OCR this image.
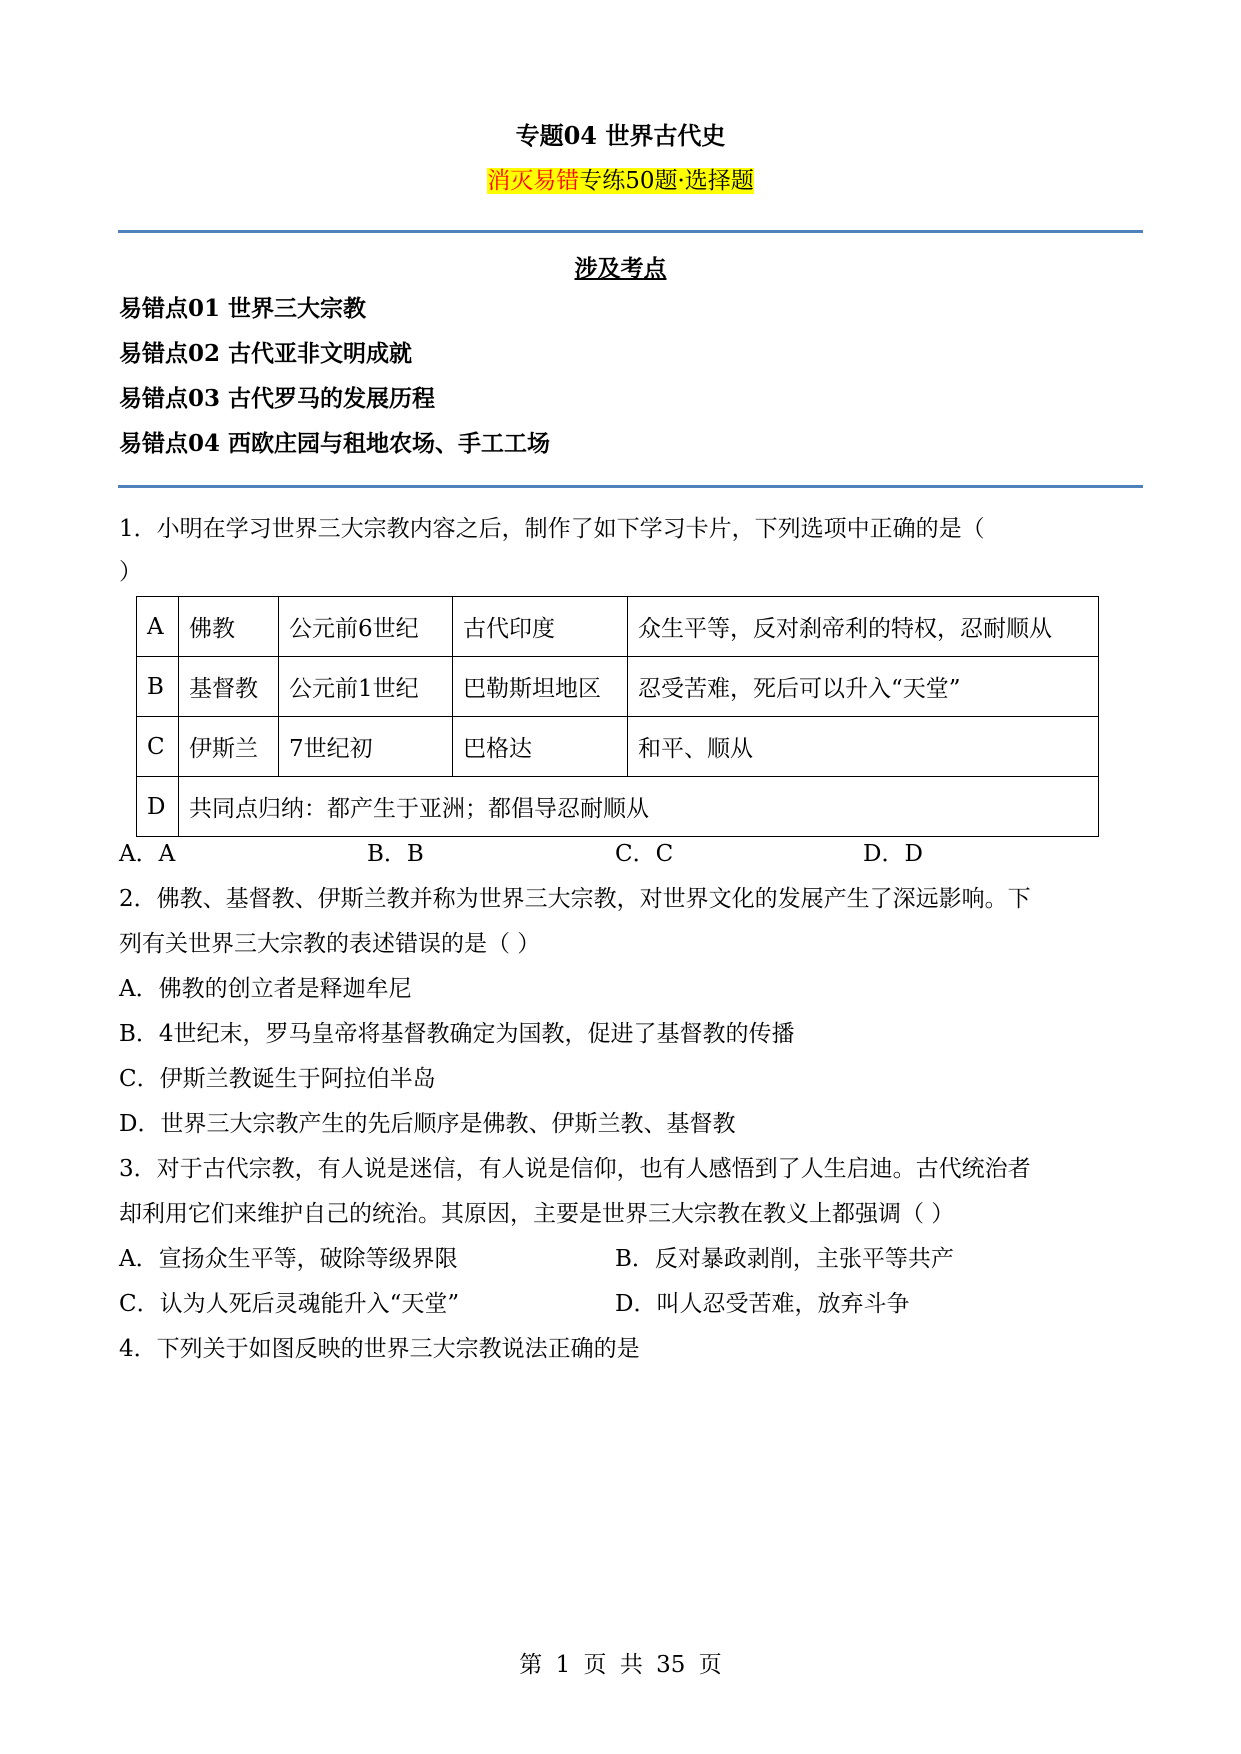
专题04 世界古代史
消灭易错专练50题·选择题
涉及考点
易错点01 世界三大宗教
易错点02 古代亚非文明成就
易错点03 古代罗马的发展历程
易错点04 西欧庄园与租地农场、手工工场
1．小明在学习世界三大宗教内容之后，制作了如下学习卡片，下列选项中正确的是（
）
A	佛教	公元前6世纪	古代印度	众生平等，反对刹帝利的特权，忍耐顺从
B	基督教	公元前1世纪	巴勒斯坦地区	忍受苦难，死后可以升入“天堂”
C	伊斯兰	7世纪初	巴格达	和平、顺从
D	共同点归纳：都产生于亚洲；都倡导忍耐顺从			
A．A	B．B	C．C	D．D
2．佛教、基督教、伊斯兰教并称为世界三大宗教，对世界文化的发展产生了深远影响。下
列有关世界三大宗教的表述错误的是（ ）
A．佛教的创立者是释迦牟尼
B．4世纪末，罗马皇帝将基督教确定为国教，促进了基督教的传播
C．伊斯兰教诞生于阿拉伯半岛
D．世界三大宗教产生的先后顺序是佛教、伊斯兰教、基督教
3．对于古代宗教，有人说是迷信，有人说是信仰，也有人感悟到了人生启迪。古代统治者
却利用它们来维护自己的统治。其原因，主要是世界三大宗教在教义上都强调（ ）
A．宣扬众生平等，破除等级界限	B．反对暴政剥削，主张平等共产
C．认为人死后灵魂能升入“天堂”	D．叫人忍受苦难，放弃斗争
4．下列关于如图反映的世界三大宗教说法正确的是
第 1 页 共 35 页
